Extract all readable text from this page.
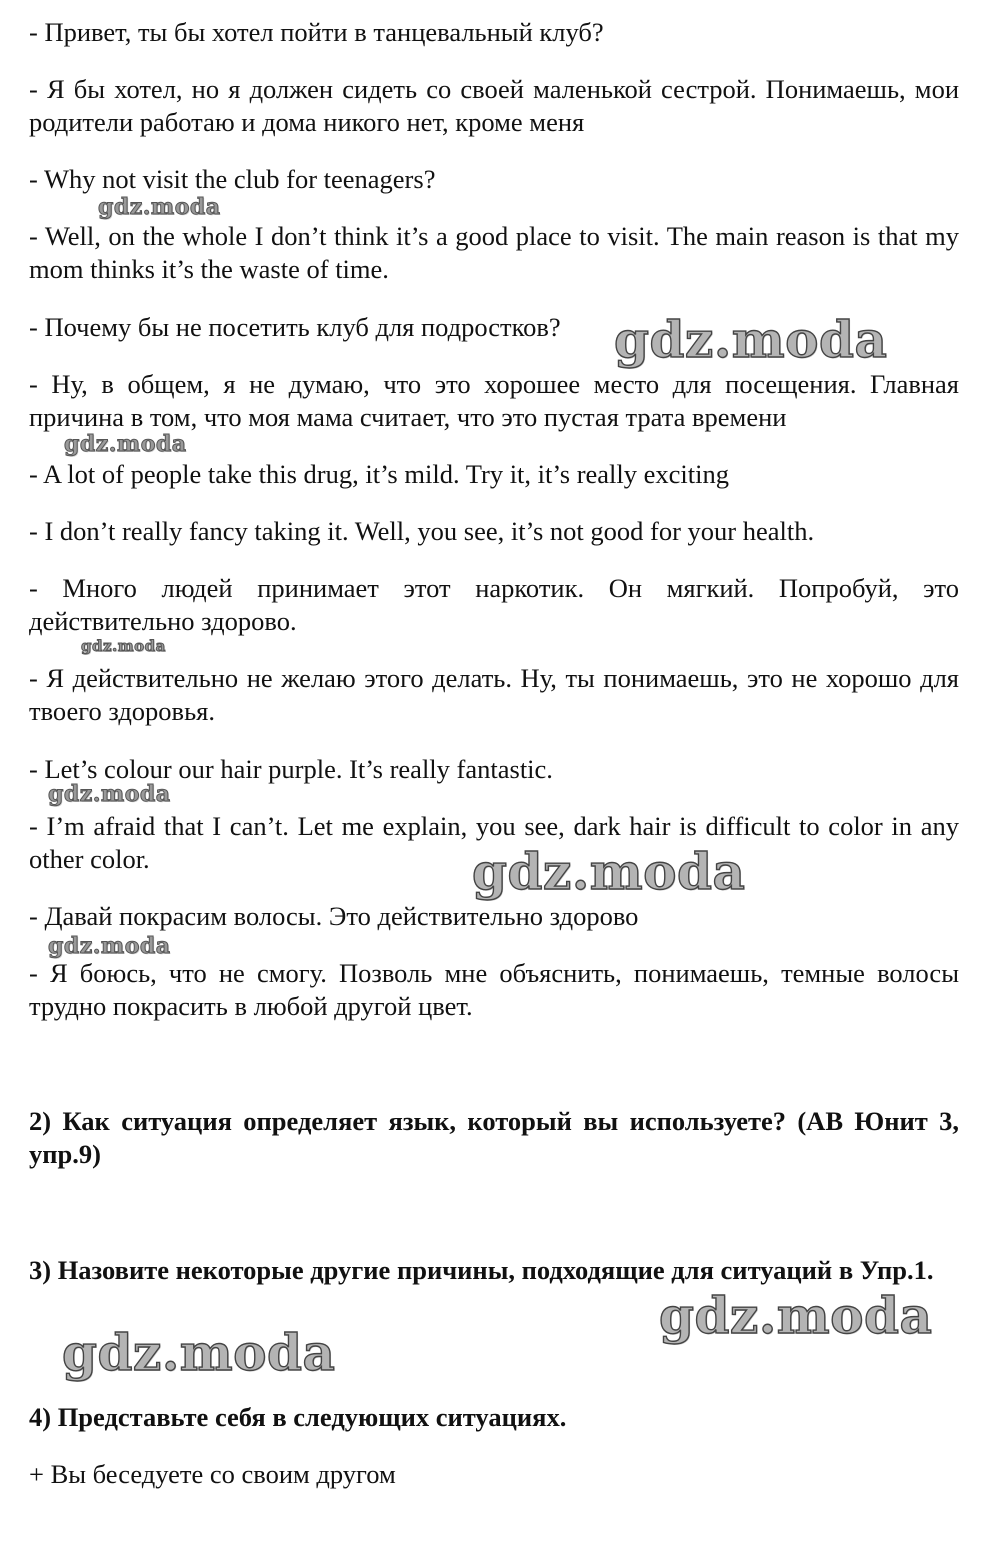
- Привет, ты бы хотел пойти в танцевальный клуб?

- Я бы хотел, но я должен сидеть со своей маленькой сестрой. Понимаешь, мои родители работаю и дома никого нет, кроме меня

- Why not visit the club for teenagers?

- Well, on the whole I don’t think it’s a good place to visit. The main reason is that my mom thinks it’s the waste of time.

- Почему бы не посетить клуб для подростков?

- Ну, в общем, я не думаю, что это хорошее место для посещения. Главная причина в том, что моя мама считает, что это пустая трата времени

- A lot of people take this drug, it’s mild. Try it, it’s really exciting

- I don’t really fancy taking it. Well, you see, it’s not good for your health.

- Много людей принимает этот наркотик. Он мягкий. Попробуй, это действительно здорово.

- Я действительно не желаю этого делать. Ну, ты понимаешь, это не хорошо для твоего здоровья.

- Let’s colour our hair purple. It’s really fantastic.

- I’m afraid that I can’t. Let me explain, you see, dark hair is difficult to color in any other color.

- Давай покрасим волосы. Это действительно здорово

- Я боюсь, что не смогу. Позволь мне объяснить, понимаешь, темные волосы трудно покрасить в любой другой цвет.

2) Как ситуация определяет язык, который вы используете? (AB Юнит 3, упр.9)

3) Назовите некоторые другие причины, подходящие для ситуаций в Упр.1.

4) Представьте себя в следующих ситуациях.

+ Вы беседуете со своим другом

gdz.moda
gdz.moda
gdz.moda
gdz.moda
gdz.moda
gdz.moda
gdz.moda
gdz.moda
gdz.moda
